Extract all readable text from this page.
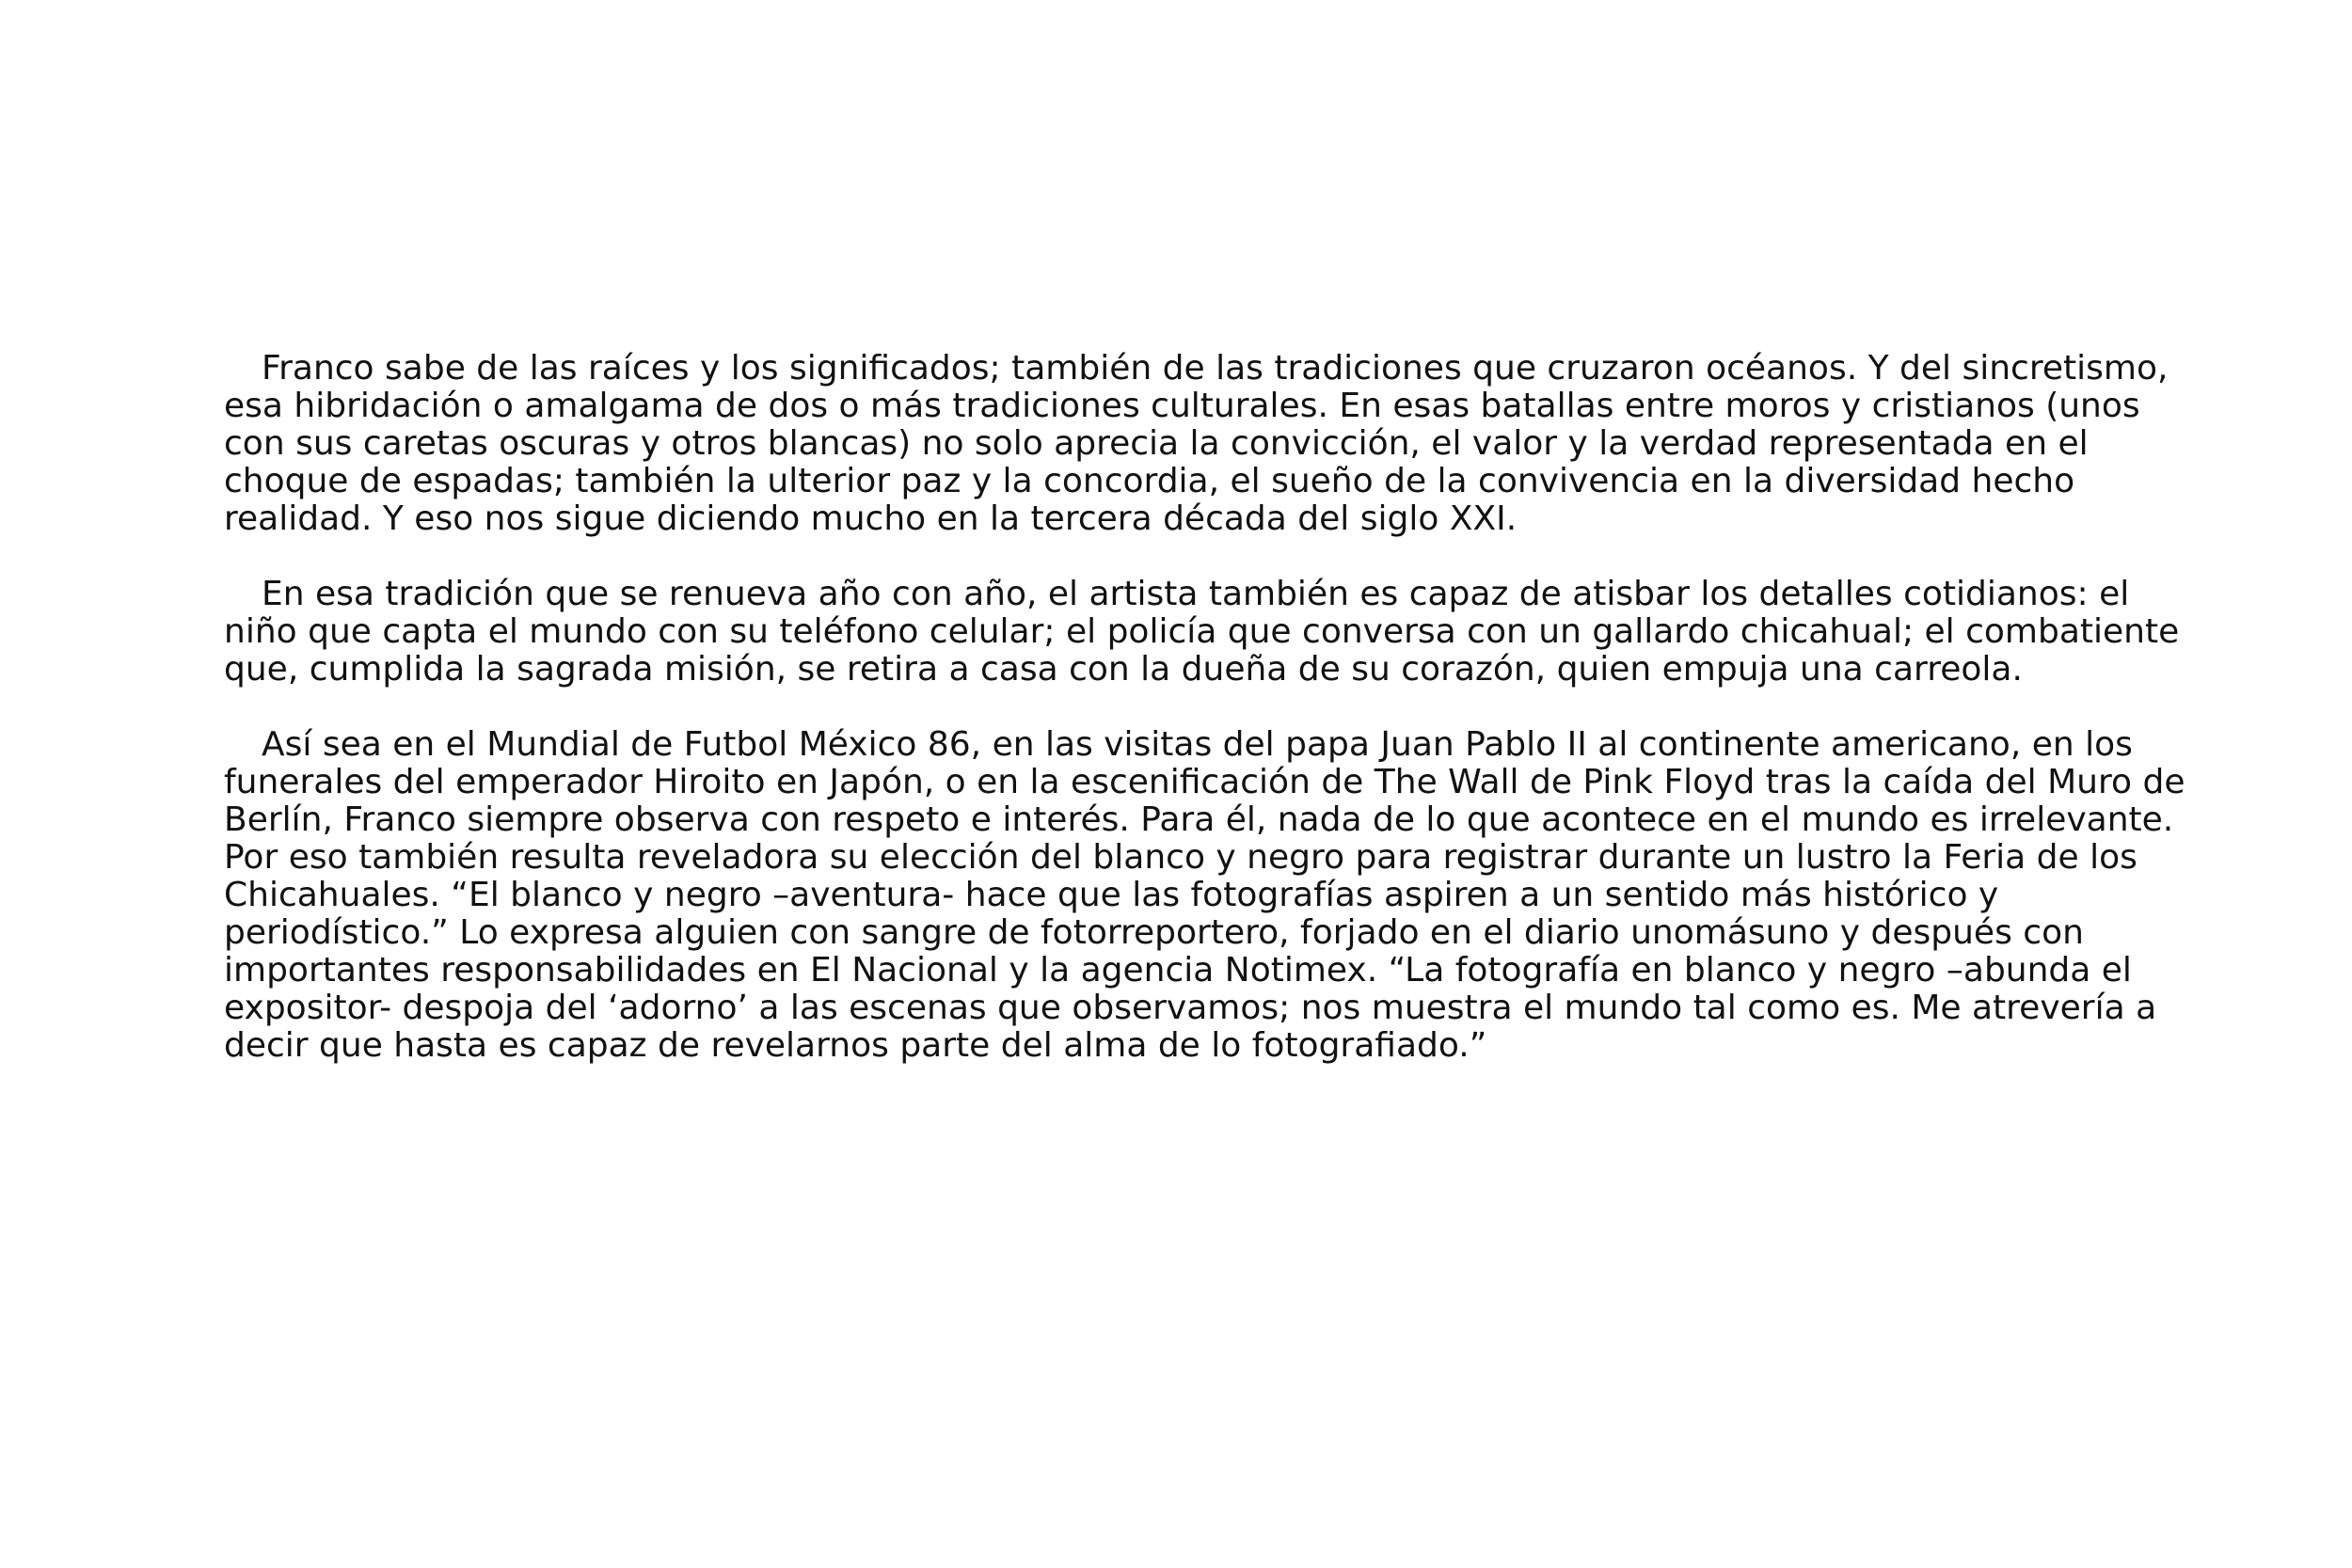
Franco sabe de las raíces y los significados; también de las tradiciones que cruzaron océanos. Y del sincretismo, esa hibridación o amalgama de dos o más tradiciones culturales. En esas batallas entre moros y cristianos (unos con sus caretas oscuras y otros blancas) no solo aprecia la convicción, el valor y la verdad representada en el choque de espadas; también la ulterior paz y la concordia, el sueño de la convivencia en la diversidad hecho realidad. Y eso nos sigue diciendo mucho en la tercera década del siglo XXI.

En esa tradición que se renueva año con año, el artista también es capaz de atisbar los detalles cotidianos: el niño que capta el mundo con su teléfono celular; el policía que conversa con un gallardo chicahual; el combatiente que, cumplida la sagrada misión, se retira a casa con la dueña de su corazón, quien empuja una carreola.

Así sea en el Mundial de Futbol México 86, en las visitas del papa Juan Pablo II al continente americano, en los funerales del emperador Hiroito en Japón, o en la escenificación de The Wall de Pink Floyd tras la caída del Muro de Berlín, Franco siempre observa con respeto e interés. Para él, nada de lo que acontece en el mundo es irrelevante. Por eso también resulta reveladora su elección del blanco y negro para registrar durante un lustro la Feria de los Chicahuales. “El blanco y negro –aventura- hace que las fotografías aspiren a un sentido más histórico y periodístico.” Lo expresa alguien con sangre de fotorreportero, forjado en el diario unomásuno y después con importantes responsabilidades en El Nacional y la agencia Notimex. “La fotografía en blanco y negro –abunda el expositor- despoja del ‘adorno’ a las escenas que observamos; nos muestra el mundo tal como es. Me atrevería a decir que hasta es capaz de revelarnos parte del alma de lo fotografiado.”
